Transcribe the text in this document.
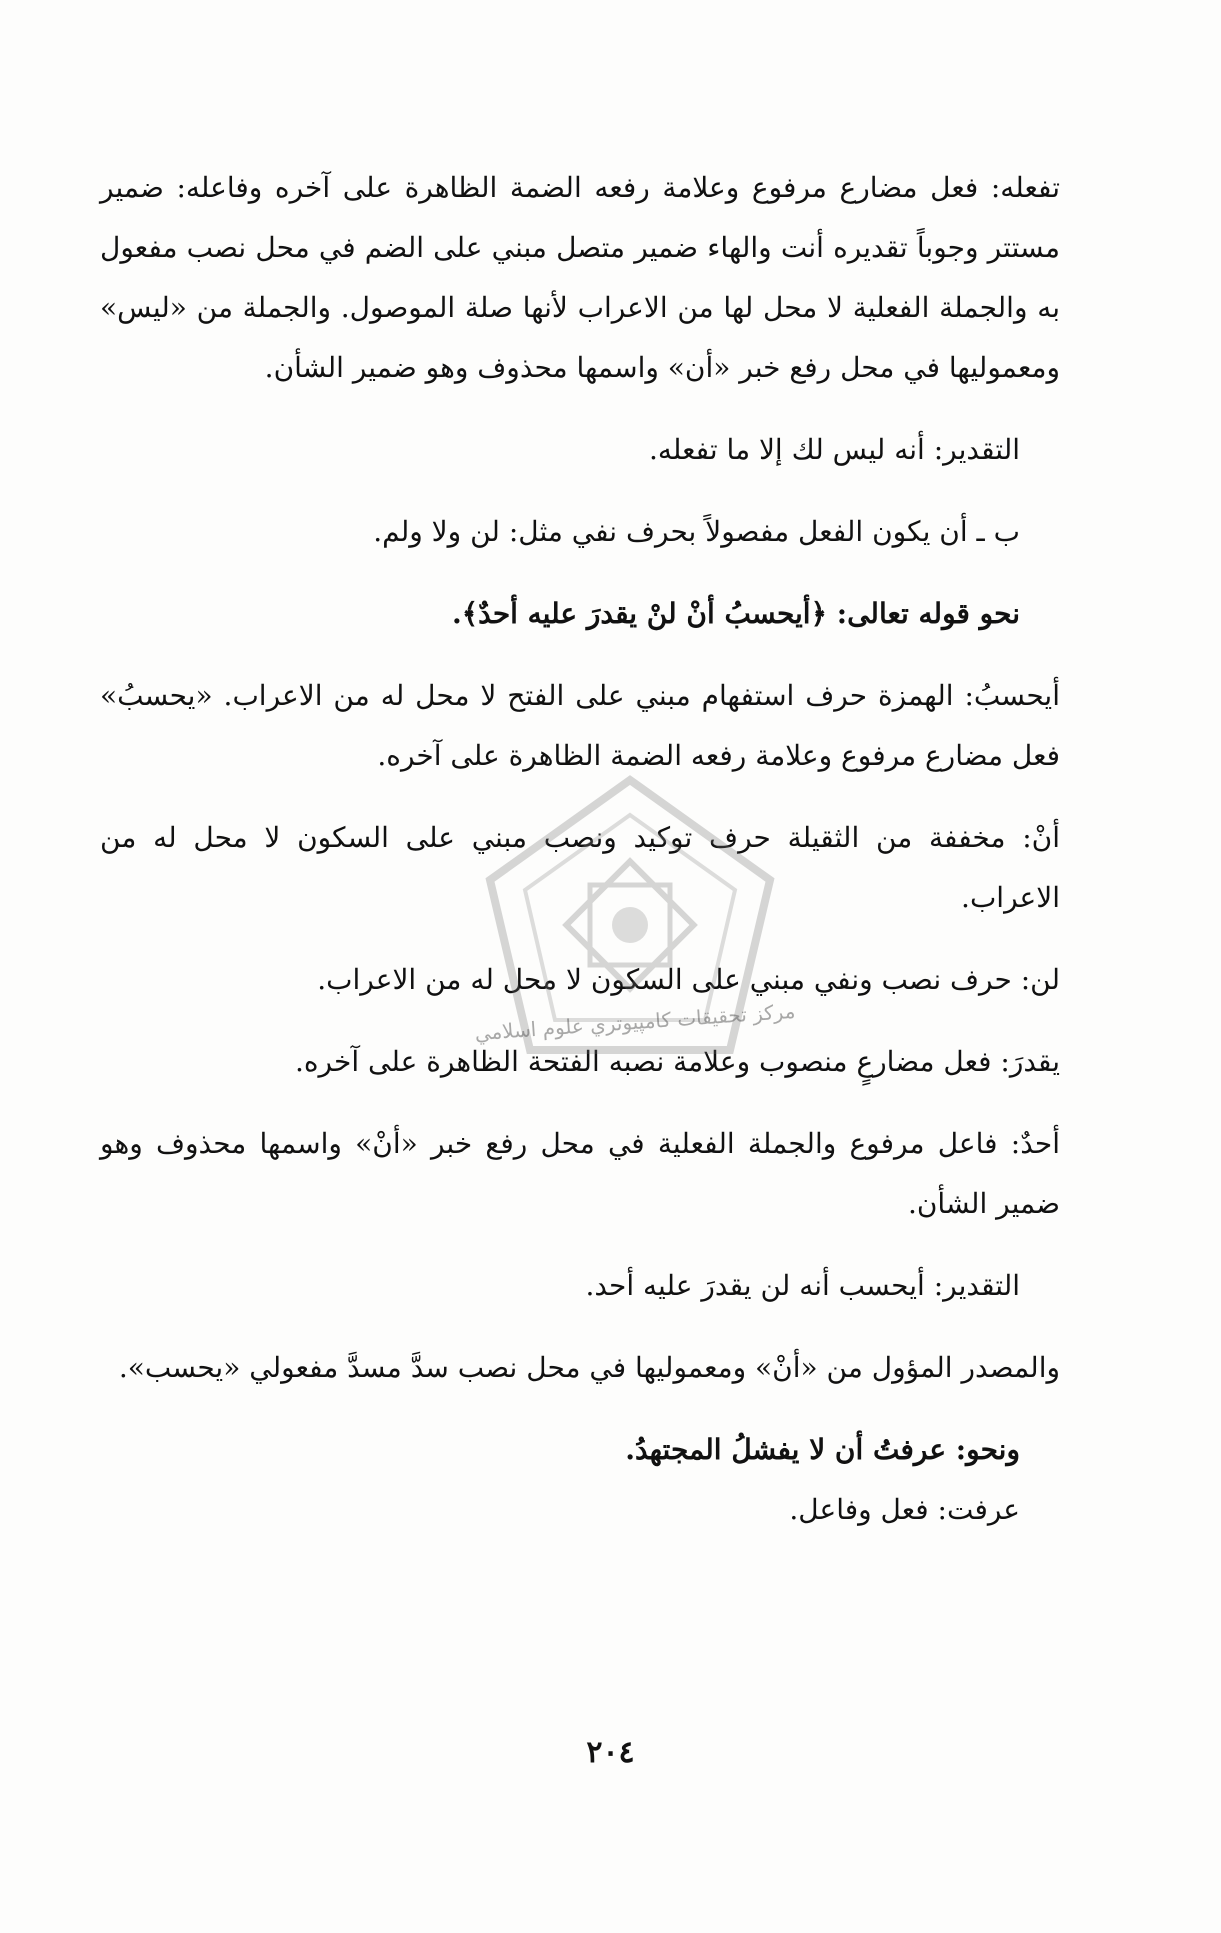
تفعله: فعل مضارع مرفوع وعلامة رفعه الضمة الظاهرة على آخره وفاعله: ضمير مستتر وجوباً تقديره أنت والهاء ضمير متصل مبني على الضم في محل نصب مفعول به والجملة الفعلية لا محل لها من الاعراب لأنها صلة الموصول. والجملة من «ليس» ومعموليها في محل رفع خبر «أن» واسمها محذوف وهو ضمير الشأن.

التقدير: أنه ليس لك إلا ما تفعله.

ب ـ أن يكون الفعل مفصولاً بحرف نفي مثل: لن ولا ولم.

نحو قوله تعالى: ﴿أيحسبُ أنْ لنْ يقدرَ عليه أحدٌ﴾.

أيحسبُ: الهمزة حرف استفهام مبني على الفتح لا محل له من الاعراب. «يحسبُ» فعل مضارع مرفوع وعلامة رفعه الضمة الظاهرة على آخره.

أنْ: مخففة من الثقيلة حرف توكيد ونصب مبني على السكون لا محل له من الاعراب.

لن: حرف نصب ونفي مبني على السكون لا محل له من الاعراب.

يقدرَ: فعل مضارعٍ منصوب وعلامة نصبه الفتحة الظاهرة على آخره.

أحدٌ: فاعل مرفوع والجملة الفعلية في محل رفع خبر «أنْ» واسمها محذوف وهو ضمير الشأن.

التقدير: أيحسب أنه لن يقدرَ عليه أحد.

والمصدر المؤول من «أنْ» ومعموليها في محل نصب سدَّ مسدَّ مفعولي «يحسب».

ونحو: عرفتُ أن لا يفشلُ المجتهدُ.

عرفت: فعل وفاعل.

مركز تحقيقات كامپيوتري علوم اسلامي
٢٠٤
